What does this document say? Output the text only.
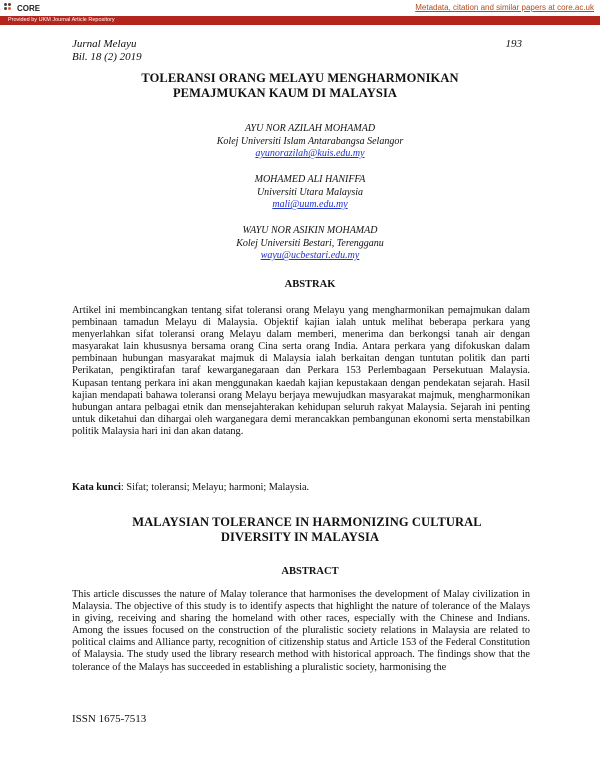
CORE	Metadata, citation and similar papers at core.ac.uk
Provided by UKM Journal Article Repository
Jurnal Melayu
Bil. 18 (2) 2019
193
TOLERANSI ORANG MELAYU MENGHARMONIKAN
PEMAJMUKAN KAUM DI MALAYSIA
AYU NOR AZILAH MOHAMAD
Kolej Universiti Islam Antarabangsa Selangor
ayunorazilah@kuis.edu.my
MOHAMED ALI HANIFFA
Universiti Utara Malaysia
mali@uum.edu.my
WAYU NOR ASIKIN MOHAMAD
Kolej Universiti Bestari, Terengganu
wayu@ucbestari.edu.my
ABSTRAK

Artikel ini membincangkan tentang sifat toleransi orang Melayu yang mengharmonikan pemajmukan dalam pembinaan tamadun Melayu di Malaysia. Objektif kajian ialah untuk melihat beberapa perkara yang menyerlahkan sifat toleransi orang Melayu dalam memberi, menerima dan berkongsi tanah air dengan masyarakat lain khususnya bersama orang Cina serta orang India. Antara perkara yang difokuskan dalam pembinaan hubungan masyarakat majmuk di Malaysia ialah berkaitan dengan tuntutan politik dan parti Perikatan, pengiktirafan taraf kewarganegaraan dan Perkara 153 Perlembagaan Persekutuan Malaysia. Kupasan tentang perkara ini akan menggunakan kaedah kajian kepustakaan dengan pendekatan sejarah. Hasil kajian mendapati bahawa toleransi orang Melayu berjaya mewujudkan masyarakat majmuk, mengharmonikan hubungan antara pelbagai etnik dan mensejahterakan kehidupan seluruh rakyat Malaysia. Sejarah ini penting untuk diketahui dan dihargai oleh warganegara demi merancakkan pembangunan ekonomi serta menstabilkan politik Malaysia hari ini dan akan datang.

Kata kunci: Sifat; toleransi; Melayu; harmoni; Malaysia.
MALAYSIAN TOLERANCE IN HARMONIZING CULTURAL
DIVERSITY IN MALAYSIA
ABSTRACT

This article discusses the nature of Malay tolerance that harmonises the development of Malay civilization in Malaysia. The objective of this study is to identify aspects that highlight the nature of tolerance of the Malays in giving, receiving and sharing the homeland with other races, especially with the Chinese and Indians. Among the issues focused on the construction of the pluralistic society relations in Malaysia are related to political claims and Alliance party, recognition of citizenship status and Article 153 of the Federal Constitution of Malaysia. The study used the library research method with historical approach. The findings show that the tolerance of the Malays has succeeded in establishing a pluralistic society, harmonising the

ISSN 1675-7513
